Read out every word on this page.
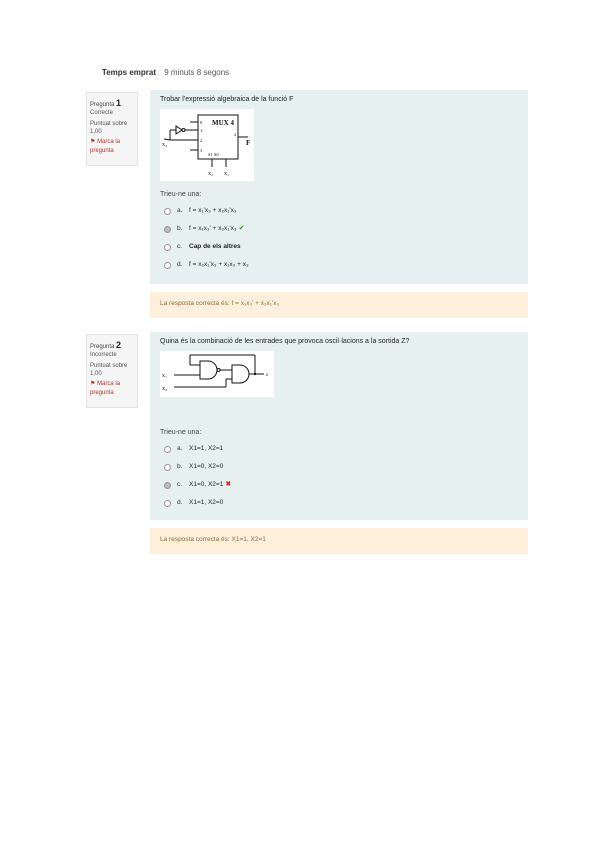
Temps emprat 9 minuts 8 segons
Pregunta 1
Correcte
Puntuat sobre 1,00
⚑ Marca la pregunta
Trobar l'expressió algebraica de la funció F
MUX 4
0
1
2
3
S1 S0
x₃
2
F
x₂ x₁
Trieu-ne una:
a.	f = x₁'x₃ + x₂x₁'x₃
b.	f = x₁x₃' + x₂x₁'x₃ ✔
c.	Cap de els altres
d.	f = x₂x₁'x₃ + x₁x₃ + x₃
La resposta correcta és: f = x₁x₃' + x₂x₁'x₃
Pregunta 2
Incorrecte
Puntuat sobre 1,00
⚑ Marca la pregunta
Quina és la combinació de les entrades que provoca oscil·lacions a la sortida Z?
x₁
x₂
z
Trieu-ne una:
a.	X1=1, X2=1
b.	X1=0, X2=0
c.	X1=0, X2=1 ✖
d.	X1=1, X2=0
La resposta correcta és: X1=1, X2=1
